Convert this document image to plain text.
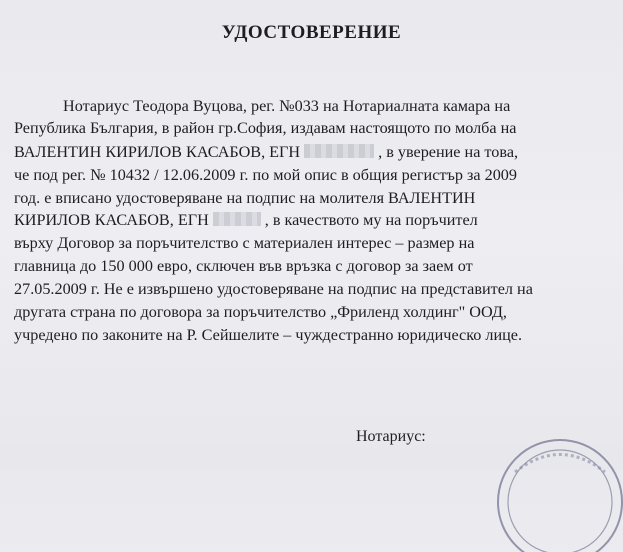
УДОСТОВЕРЕНИЕ
Нотариус Теодора Вуцова, рег. №033 на Нотариалната камара на
Република България, в район гр.София, издавам настоящото по молба на
ВАЛЕНТИН КИРИЛОВ КАСАБОВ, ЕГН	, в уверение на това,
че под рег. № 10432 / 12.06.2009 г. по мой опис в общия регистър за 2009
год. е вписано удостоверяване на подпис на молителя ВАЛЕНТИН
КИРИЛОВ КАСАБОВ, ЕГН	, в качеството му на поръчител
върху Договор за поръчителство с материален интерес – размер на
главница до 150 000 евро, сключен във връзка с договор за заем от
27.05.2009 г. Не е извършено удостоверяване на подпис на представител на
другата страна по договора за поръчителство „Фриленд холдинг" ООД,
учредено по законите на Р. Сейшелите – чуждестранно юридическо лице.
Нотариус:
